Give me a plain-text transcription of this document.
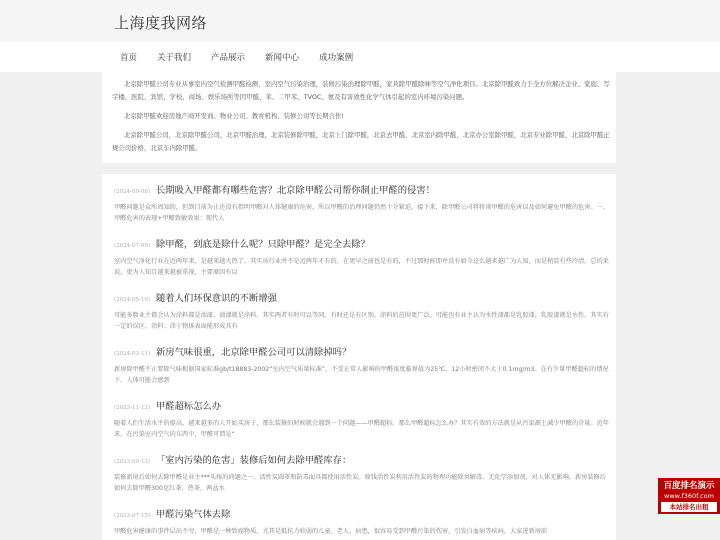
上海度我网络
首页 关于我们 产品展示 新闻中心 成功案例

北京除甲醛公司专业从事室内空气检测甲醛检测，室内空气污染治理，装修污染治理除甲醛，家具除甲醛除味等空气净化项目。北京除甲醛致力于全方位解决企业、家庭、写字楼、医院、宾馆、学校、商场、娱乐场所等因甲醛、苯、二甲苯、TVOC、氨及有害致性化学气体引起的室内环境污染问题。

北京除甲醛欢迎房地产商开发商、物业公司、教育机构、装修公司等长期合作!

北京除甲醛公司，北京除甲醛公司，北京甲醛治理，北京装修除甲醛，北京上门除甲醛，北京去甲醛，北京室内除甲醛，北京办公室除甲醛，北京专业除甲醛，北京除甲醛正规公司价格，北京车内除甲醛。

(2024-09-08) 长期吸入甲醛都有哪些危害？北京除甲醛公司帮你制止甲醛的侵害！
甲醛问题是众所周知的，但到目前为止还没有指明甲醛对人体健康的危害，所以甲醛的治理问题仍然十分紧迫。接下来，除甲醛公司将将谈甲醛的危害以及如何避免甲醛的危害。一、甲醛危害的表现+甲醛致敏效果：现代人
(2024-07-09) 除甲醛，到底是除什么呢？只除甲醛？是完全去除？
室内空气净化行业在近两年来，是越来越火热了，其实该行业并不是近两年才有的，在更早之前也是有的，不过那时候即并没有如今这么越来越广为人知，而是稍显有些冷清。总的来说，更为人知且越来越被重视，主要原因有以
(2024-05-19) 随着人们环保意识的不断增强
可能多数业主都会认为涂料都是油漆，油漆就是涂料。其实两者有时可以等同。有时还是有区别。涂料的范围更广泛。可能也有业主认为水性漆都是乳胶漆，乳胶漆就是水性。其实有一定的误区。涂料：涂于物体表面能形成具有
(2024-03-11) 新房气味很重，北京除甲醛公司可以清除掉吗？
新房除甲醛不止要除气味根据国家标准gb/t18883-2002“室内空气质量标准”，不受正常人影响的甲醛浓度临界值为25℃，12小时密闭不大于0.1mg/m3。在有少量甲醛超标的情况下，人体可能会感到
(2023-11-12) 甲醛超标怎么办
随着人们生活水平的提高，越来越多的人开始买房子，那么装修的时候就会遇到一个问题——甲醛超标。那么甲醛超标怎么办？其实有效的方法就是从污染源上减少甲醛的含量。近年来，在污染室内空气的东西中，甲醛可谓是“
(2023-09-13) 「室内污染的危害」装修后如何去除甲醛库存：
装修新房后如何去除甲醛是业主***头疼的问题之一。活性炭圆罩和防毒面具都使用活性炭。原钱活性炭利用活性炭的物理功能除臭解毒，无化学添加剂，对人体无影响。新房装修后如何去除甲醛300克红茶、热茶、两盆水
(2023-07-15) 甲醛污染气体去除
甲醛危害健康的事件层出不穷，甲醛是一种致癌物质，尤其是抵抗力较弱的儿童、老人、病患，很容易受到甲醛污染的伤害，引发白血病等疾病，大家进新房前
百度排名演示
www.f360f.com
本站排名出租
